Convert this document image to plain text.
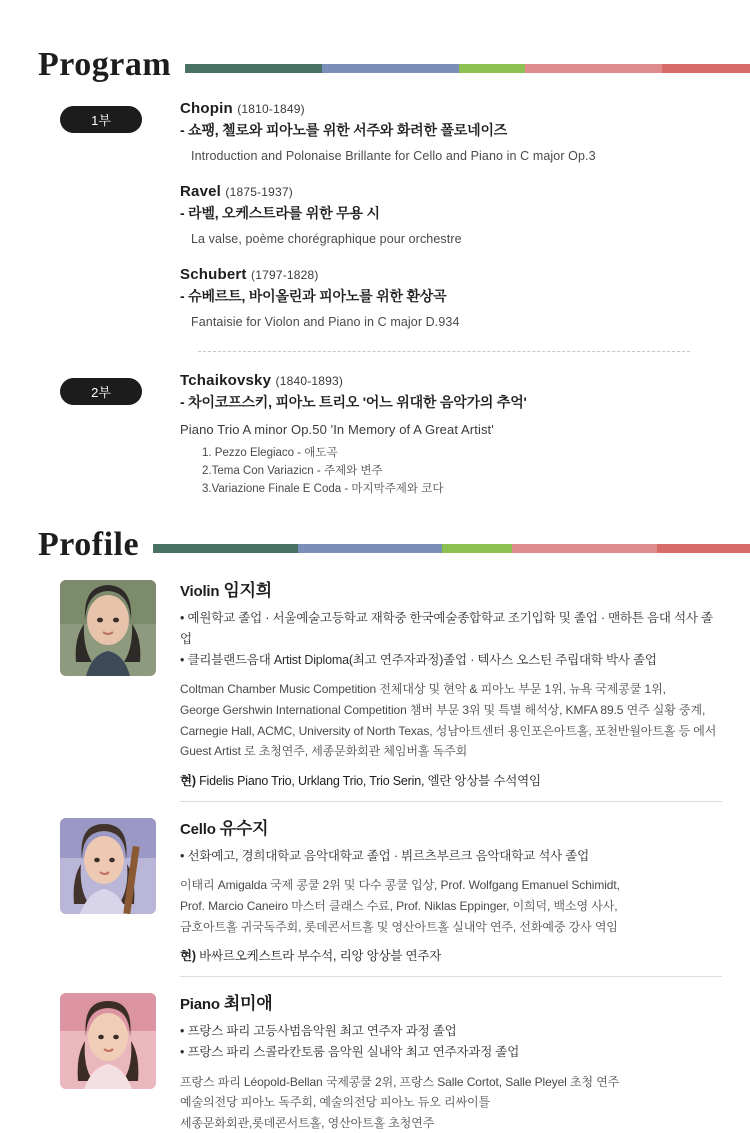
Program
1부
Chopin (1810-1849)
- 쇼팽, 첼로와 피아노를 위한 서주와 화려한 폴로네이즈
Introduction and Polonaise Brillante for Cello and Piano in C major Op.3
Ravel (1875-1937)
- 라벨, 오케스트라를 위한 무용 시
La valse, poème chorégraphique pour orchestre
Schubert (1797-1828)
- 슈베르트, 바이올린과 피아노를 위한 환상곡
Fantaisie for Violon and Piano in C major D.934
2부
Tchaikovsky (1840-1893)
- 차이코프스키, 피아노 트리오 '어느 위대한 음악가의 추억'
Piano Trio A minor Op.50 'In Memory of A Great Artist'
1. Pezzo Elegiaco - 애도곡
2.Tema Con Variazicn - 주제와 변주
3.Variazione Finale E Coda - 마지막주제와 코다
Profile
Violin 임지희
• 예원학교 졸업 · 서울예술고등학교 재학중 한국예술종합학교 조기입학 및 졸업 · 맨하튼 음대 석사 졸업
• 클리블랜드음대 Artist Diploma(최고 연주자과정)졸업 · 텍사스 오스틴 주립대학 박사 졸업
Coltman Chamber Music Competition 전체대상 및 현악 & 피아노 부문 1위, 뉴욕 국제콩쿨 1위,
George Gershwin International Competition 챔버 부문 3위 및 특별 해석상, KMFA 89.5 연주 실황 중계,
Carnegie Hall, ACMC, University of North Texas, 성남아트센터 용인포은아트홀, 포천반월아트홀 등 에서
Guest Artist 로 초청연주, 세종문화회관 체임버홀 독주회
현) Fidelis Piano Trio, Urklang Trio, Trio Serin, 엘란 앙상블 수석역임
Cello 유수지
• 선화예고, 경희대학교 음악대학교 졸업 · 뷔르츠부르크 음악대학교 석사 졸업
이태리 Amigalda 국제 콩쿨 2위 및 다수 콩쿨 입상, Prof. Wolfgang Emanuel Schimidt,
Prof. Marcio Caneiro 마스터 클래스 수료, Prof. Niklas Eppinger, 이희덕, 백소영 사사,
금호아트홀 귀국독주회, 롯데콘서트홀 및 영산아트홀 실내악 연주, 선화예중 강사 역임
현) 바싸르오케스트라 부수석, 리앙 앙상블 연주자
Piano 최미애
• 프랑스 파리 고등사범음악원 최고 연주자 과정 졸업
• 프랑스 파리 스콜라칸토룸 음악원 실내악 최고 연주자과정 졸업
프랑스 파리 Léopold-Bellan 국제콩쿨 2위, 프랑스 Salle Cortot, Salle Pleyel 초청 연주
예술의전당 피아노 독주회, 예술의전당 피아노 듀오 리싸이틀
세종문화회관,롯데콘서트홀, 영산아트홀 초청연주
